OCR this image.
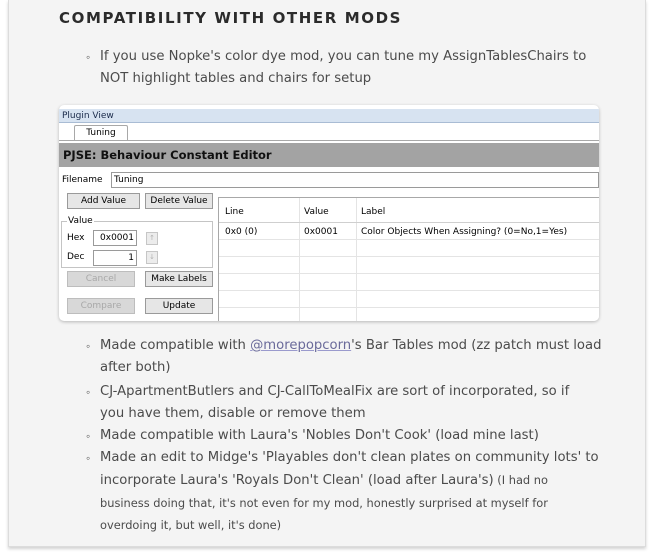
COMPATIBILITY WITH OTHER MODS
◦ If you use Nopke's color dye mod, you can tune my AssignTablesChairs to
NOT highlight tables and chairs for setup
Plugin View
Tuning
PJSE: Behaviour Constant Editor
Filename	Tuning
Add Value	Delete Value
Value
Hex	0x0001	↑
Dec	1	↓
Cancel	Make Labels
Compare	Update
Line	Value	Label
0x0 (0)	0x0001	Color Objects When Assigning? (0=No,1=Yes)
◦ Made compatible with @morepopcorn's Bar Tables mod (zz patch must load
after both)
◦ CJ-ApartmentButlers and CJ-CallToMealFix are sort of incorporated, so if
you have them, disable or remove them
◦ Made compatible with Laura's 'Nobles Don't Cook' (load mine last)
◦ Made an edit to Midge's 'Playables don't clean plates on community lots' to
incorporate Laura's 'Royals Don't Clean' (load after Laura's) (I had no
business doing that, it's not even for my mod, honestly surprised at myself for
overdoing it, but well, it's done)
